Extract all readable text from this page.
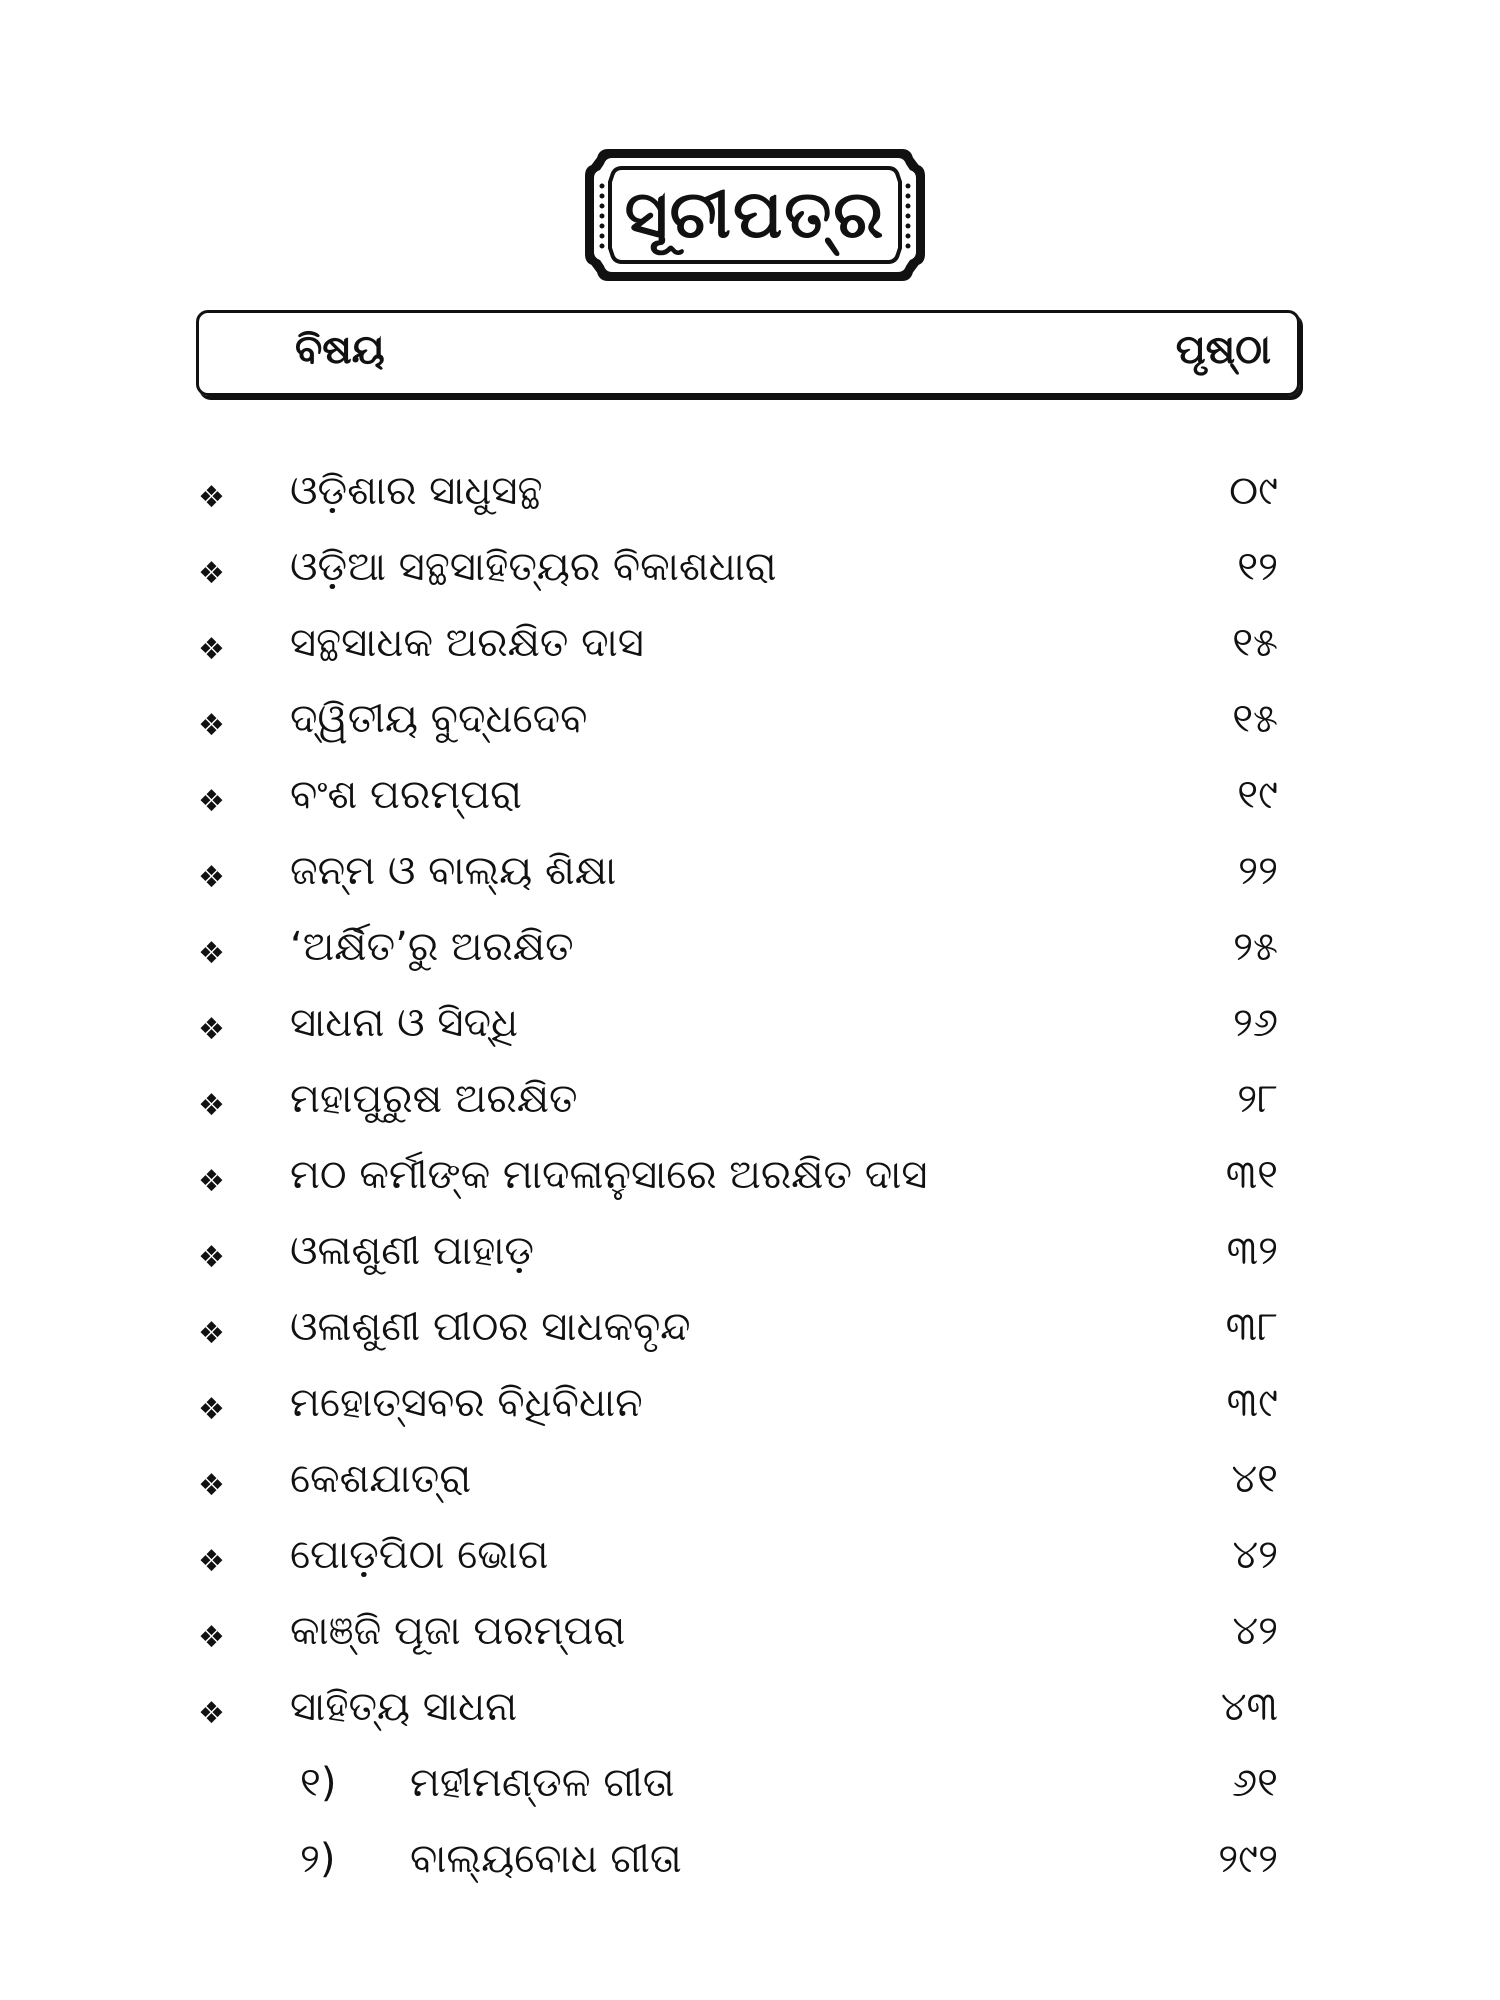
ସୂଚୀପତ୍ର
ବିଷୟ	ପୃଷ୍ଠା
❖ ଓଡ଼ିଶାର ସାଧୁସନ୍ଥ	୦୯
❖ ଓଡ଼ିଆ ସନ୍ଥସାହିତ୍ୟର ବିକାଶଧାରା	୧୨
❖ ସନ୍ଥସାଧକ ଅରକ୍ଷିତ ଦାସ	୧୫
❖ ଦ୍ୱିତୀୟ ବୁଦ୍ଧଦେବ	୧୫
❖ ବଂଶ ପରମ୍ପରା	୧୯
❖ ଜନ୍ମ ଓ ବାଲ୍ୟ ଶିକ୍ଷା	୨୨
❖ ‘ଅର୍କ୍ଷିତ’ରୁ ଅରକ୍ଷିତ	୨୫
❖ ସାଧନା ଓ ସିଦ୍ଧି	୨୬
❖ ମହାପୁରୁଷ ଅରକ୍ଷିତ	୨୮
❖ ମଠ କର୍ମୀଙ୍କ ମାଦଳାନୁସାରେ ଅରକ୍ଷିତ ଦାସ	୩୧
❖ ଓଳାଶୁଣୀ ପାହାଡ଼	୩୨
❖ ଓଳାଶୁଣୀ ପୀଠର ସାଧକବୃନ୍ଦ	୩୮
❖ ମହୋତ୍ସବର ବିଧିବିଧାନ	୩୯
❖ କେଶଯାତ୍ରା	୪୧
❖ ପୋଡ଼ପିଠା ଭୋଗ	୪୨
❖ କାଞ୍ଜି ପୂଜା ପରମ୍ପରା	୪୨
❖ ସାହିତ୍ୟ ସାଧନା	୪୩
୧) ମହୀମଣ୍ଡଳ ଗୀତା	୬୧
୨) ବାଲ୍ୟବୋଧ ଗୀତା	୨୯୨
